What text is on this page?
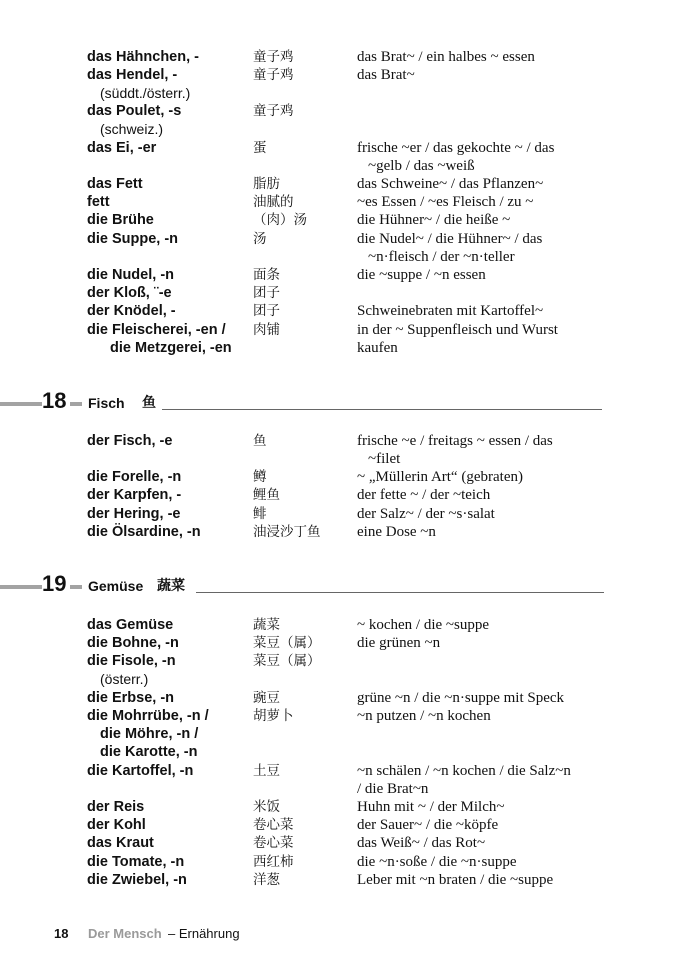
das Hähnchen, -	童子鸡	das Brat~ / ein halbes ~ essen
das Hendel, -	童子鸡	das Brat~
(süddt./österr.)
das Poulet, -s	童子鸡
(schweiz.)
das Ei, -er	蛋	frische ~er / das gekochte ~ / das
~gelb / das ~weiß
das Fett	脂肪	das Schweine~ / das Pflanzen~
fett	油腻的	~es Essen / ~es Fleisch / zu ~
die Brühe	（肉）汤	die Hühner~ / die heiße ~
die Suppe, -n	汤	die Nudel~ / die Hühner~ / das
~n·fleisch / der ~n·teller
die Nudel, -n	面条	die ~suppe / ~n essen
der Kloß, ¨-e	团子
der Knödel, -	团子	Schweinebraten mit Kartoffel~
die Fleischerei, -en / 肉铺	in der ~ Suppenfleisch und Wurst
die Metzgerei, -en	kaufen
18 Fisch 鱼
der Fisch, -e	鱼	frische ~e / freitags ~ essen / das
~filet
die Forelle, -n	鳟	~ „Müllerin Art“ (gebraten)
der Karpfen, -	鲤鱼	der fette ~ / der ~teich
der Hering, -e	鲱	der Salz~ / der ~s·salat
die Ölsardine, -n	油浸沙丁鱼 eine Dose ~n
19 Gemüse 蔬菜
das Gemüse	蔬菜	~ kochen / die ~suppe
die Bohne, -n	菜豆（属） die grünen ~n
die Fisole, -n	菜豆（属）
(österr.)
die Erbse, -n	豌豆	grüne ~n / die ~n·suppe mit Speck
die Mohrrübe, -n /	胡萝卜	~n putzen / ~n kochen
die Möhre, -n /
die Karotte, -n
die Kartoffel, -n	土豆	~n schälen / ~n kochen / die Salz~n
/ die Brat~n
der Reis	米饭	Huhn mit ~ / der Milch~
der Kohl	卷心菜	der Sauer~ / die ~köpfe
das Kraut	卷心菜	das Weiß~ / das Rot~
die Tomate, -n	西红柿	die ~n·soße / die ~n·suppe
die Zwiebel, -n	洋葱	Leber mit ~n braten / die ~suppe
18 Der Mensch – Ernährung
